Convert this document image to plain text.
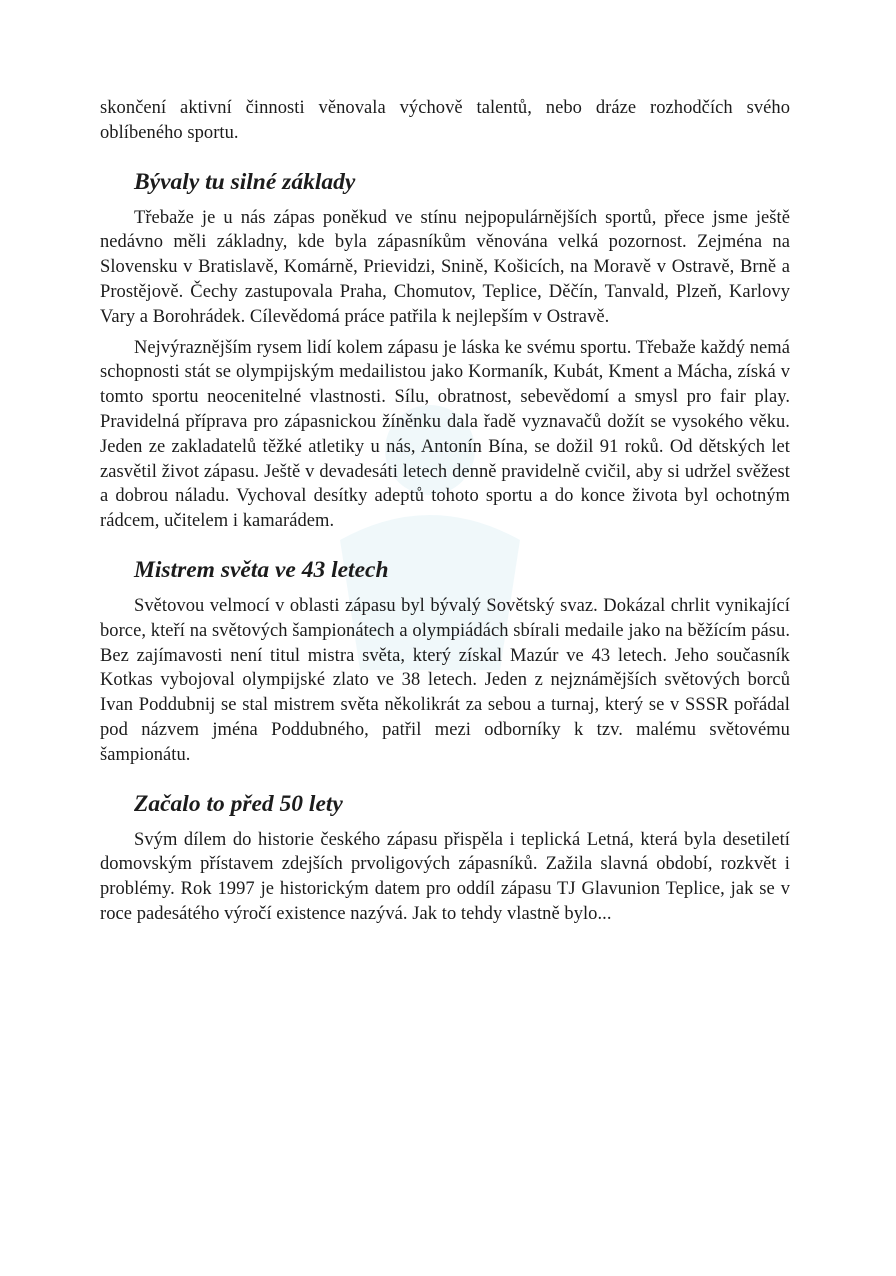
skončení aktivní činnosti věnovala výchově talentů, nebo dráze rozhodčích svého oblíbeného sportu.

Bývaly tu silné základy

Třebaže je u nás zápas poněkud ve stínu nejpopulárnějších sportů, přece jsme ještě nedávno měli základny, kde byla zápasníkům věnována velká pozornost. Zejména na Slovensku v Bratislavě, Komárně, Prievidzi, Snině, Košicích, na Moravě v Ostravě, Brně a Prostějově. Čechy zastupovala Praha, Chomutov, Teplice, Děčín, Tanvald, Plzeň, Karlovy Vary a Borohrádek. Cílevědomá práce patřila k nejlepším v Ostravě.

Nejvýraznějším rysem lidí kolem zápasu je láska ke svému sportu. Třebaže každý nemá schopnosti stát se olympijským medailistou jako Kormaník, Kubát, Kment a Mácha, získá v tomto sportu neocenitelné vlastnosti. Sílu, obratnost, sebevědomí a smysl pro fair play. Pravidelná příprava pro zápasnickou žíněnku dala řadě vyznavačů dožít se vysokého věku. Jeden ze zakladatelů těžké atletiky u nás, Antonín Bína, se dožil 91 roků. Od dětských let zasvětil život zápasu. Ještě v devadesáti letech denně pravidelně cvičil, aby si udržel svěžest a dobrou náladu. Vychoval desítky adeptů tohoto sportu a do konce života byl ochotným rádcem, učitelem i kamarádem.

Mistrem světa ve 43 letech

Světovou velmocí v oblasti zápasu byl bývalý Sovětský svaz. Dokázal chrlit vynikající borce, kteří na světových šampionátech a olympiádách sbírali medaile jako na běžícím pásu. Bez zajímavosti není titul mistra světa, který získal Mazúr ve 43 letech. Jeho současník Kotkas vybojoval olympijské zlato ve 38 letech. Jeden z nejznámějších světových borců Ivan Poddubnij se stal mistrem světa několikrát za sebou a turnaj, který se v SSSR pořádal pod názvem jména Poddubného, patřil mezi odborníky k tzv. malému světovému šampionátu.

Začalo to před 50 lety

Svým dílem do historie českého zápasu přispěla i teplická Letná, která byla desetiletí domovským přístavem zdejších prvoligových zápasníků. Zažila slavná období, rozkvět i problémy. Rok 1997 je historickým datem pro oddíl zápasu TJ Glavunion Teplice, jak se v roce padesátého výročí existence nazývá. Jak to tehdy vlastně bylo...
